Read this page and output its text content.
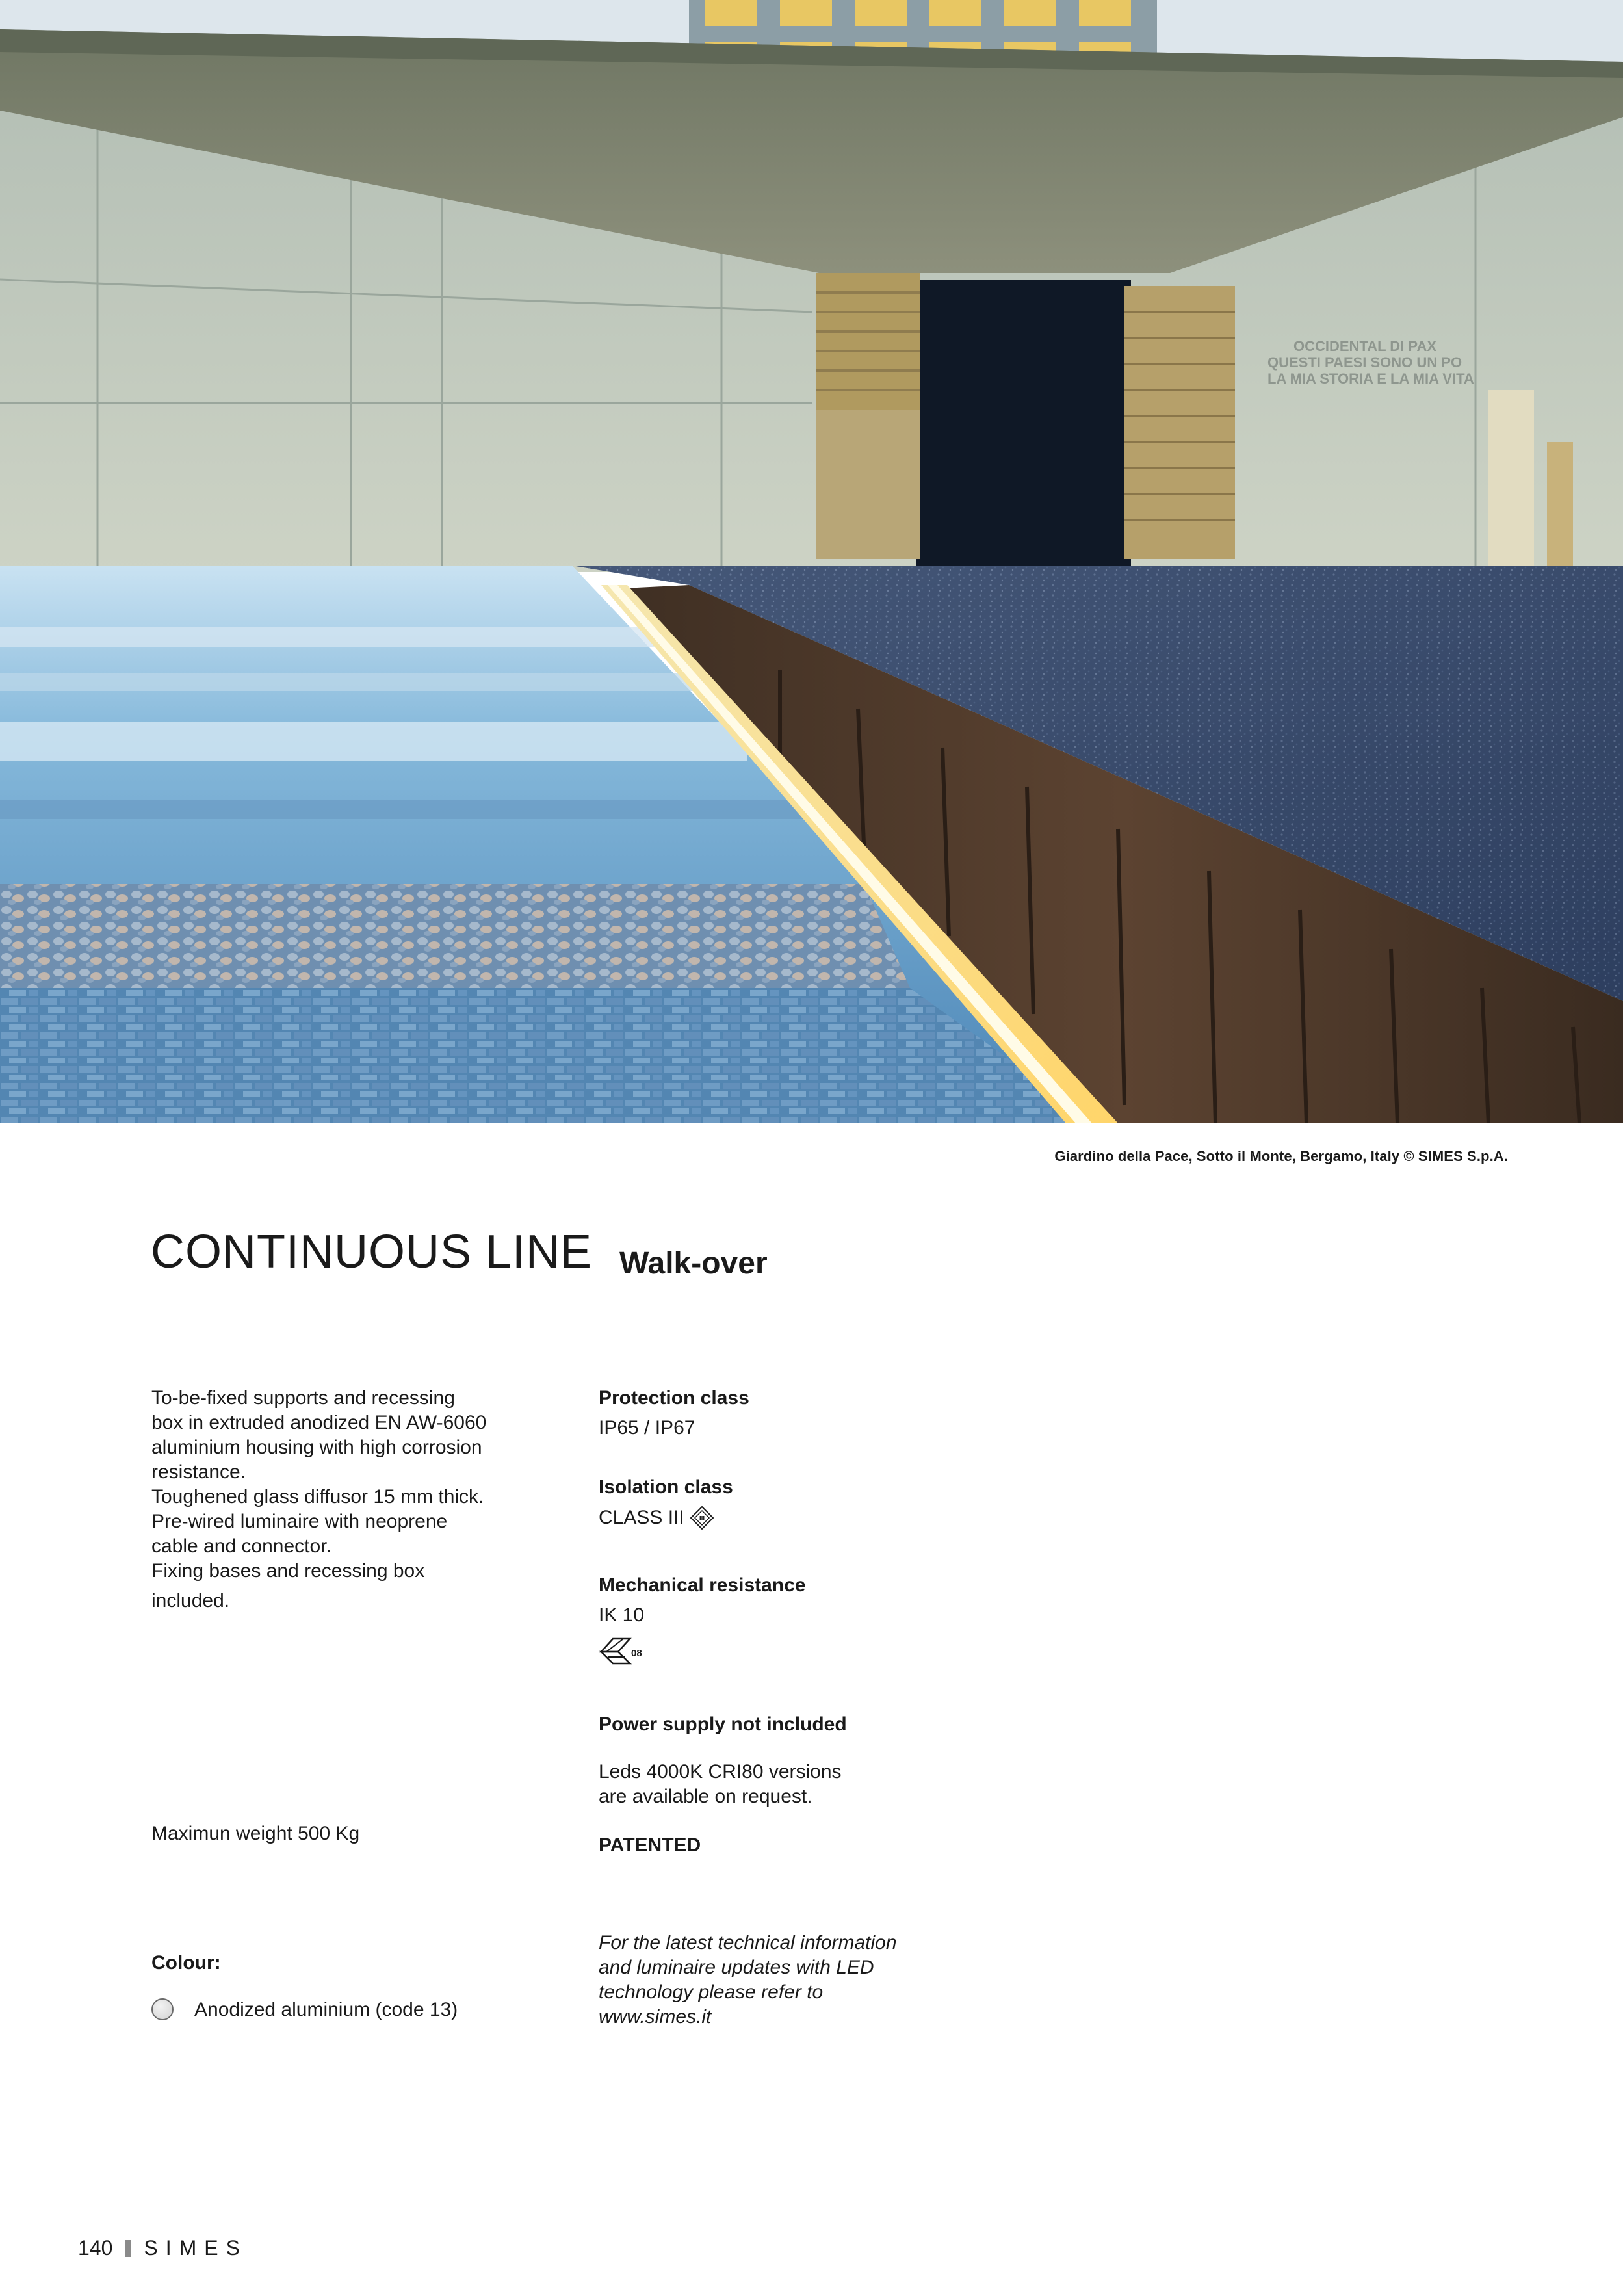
OCCIDENTAL DI PAX
QUESTI PAESI SONO UN PO
LA MIA STORIA E LA MIA VITA
Giardino della Pace, Sotto il Monte, Bergamo, Italy © SIMES S.p.A.
CONTINUOUS LINE Walk-over
To-be-fixed supports and recessing
box in extruded anodized EN AW-6060
aluminium housing with high corrosion
resistance.
Toughened glass diffusor 15 mm thick.
Pre-wired luminaire with neoprene
cable and connector.
Fixing bases and recessing box
included.
Maximun weight 500 Kg
Colour:
Anodized aluminium (code 13)
Protection class
IP65 / IP67
Isolation class
CLASS III III
Mechanical resistance
IK 10
08
Power supply not included
Leds 4000K CRI80 versions
are available on request.
PATENTED
For the latest technical information
and luminaire updates with LED
technology please refer to
www.simes.it
140 SIMES
